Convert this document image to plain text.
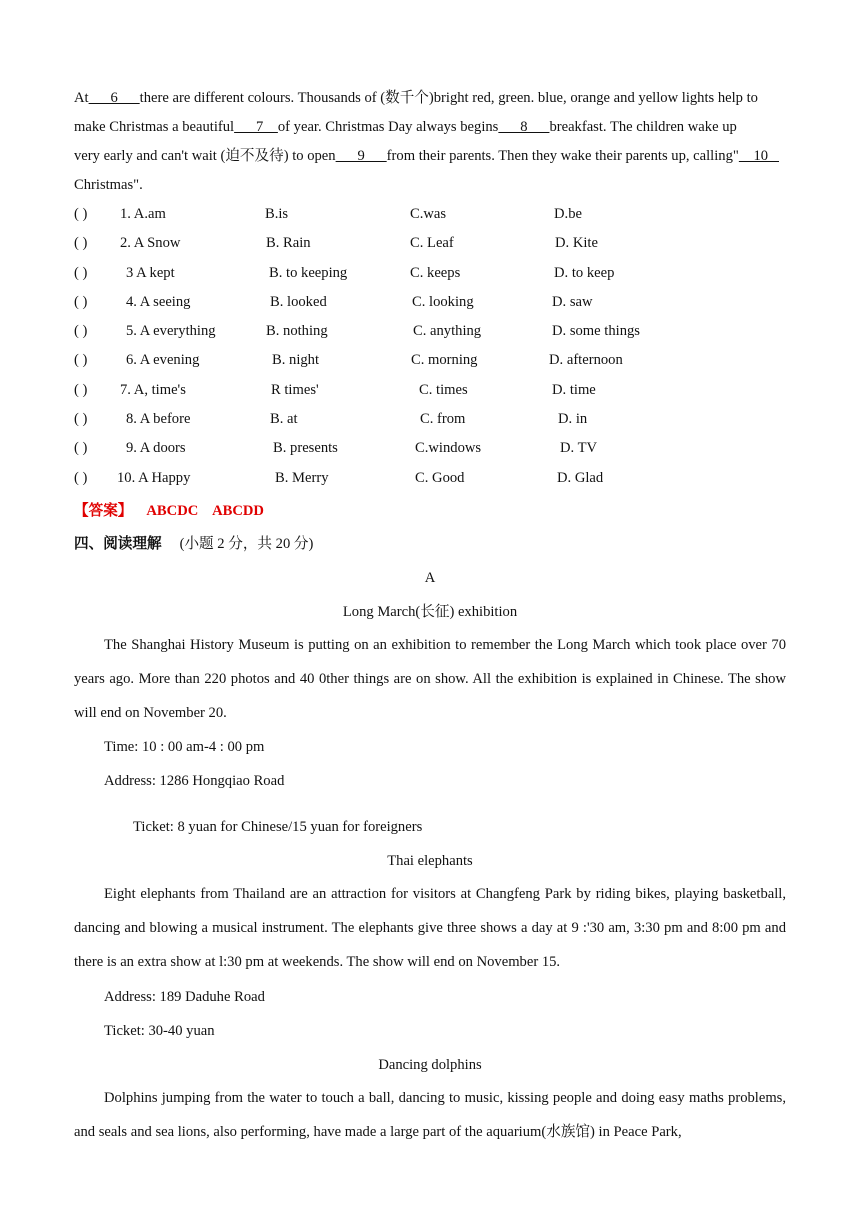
At      6      there are different colours. Thousands of (数千个)bright red, green. blue, orange and yellow lights help to

make Christmas a beautiful      7    of year. Christmas Day always begins      8      breakfast. The children wake up

very early and can't wait (迫不及待) to open      9      from their parents. Then they wake their parents up, calling"    10

Christmas".

( ) 1. A.am	B.is	C.was	D.be
( ) 2. A Snow	B. Rain	C. Leaf	D. Kite
( )	3 A kept	B. to keeping	C. keeps	D. to keep
( )	4. A seeing	B. looked	C. looking	D. saw
( )	5. A everything	B. nothing	C. anything	D. some things
( )	6. A evening	B. night	C. morning	D. afternoon
( ) 7. A, time's	R times'	C. times	D. time
( )	8. A before	B. at	C. from	D. in
( )	9. A doors	B. presents	C.windows	D. TV
( ) 10. A Happy	B. Merry	C. Good	D. Glad
【答案】 ABCDC    ABCDD
四、阅读理解 (小题 2 分，共 20 分)

A

Long March(长征) exhibition

The Shanghai History Museum is putting on an exhibition to remember the Long March which took place over 70 years ago. More than 220 photos and 40 0ther things are on show. All the exhibition is explained in Chinese. The show will end on November 20.

Time: 10 : 00 am-4 : 00 pm

Address: 1286 Hongqiao Road

Ticket: 8 yuan for Chinese/15 yuan for foreigners

Thai elephants

Eight elephants from Thailand are an attraction for visitors at Changfeng Park by riding bikes, playing basketball, dancing and blowing a musical instrument. The elephants give three shows a day at 9 :'30 am, 3:30 pm and 8:00 pm and there is an extra show at l:30 pm at weekends. The show will end on November 15.

Address: 189 Daduhe Road

Ticket: 30-40 yuan

Dancing dolphins

Dolphins jumping from the water to touch a ball, dancing to music, kissing people and doing easy maths problems, and seals and sea lions, also performing, have made a large part of the aquarium(水族馆) in Peace Park,
